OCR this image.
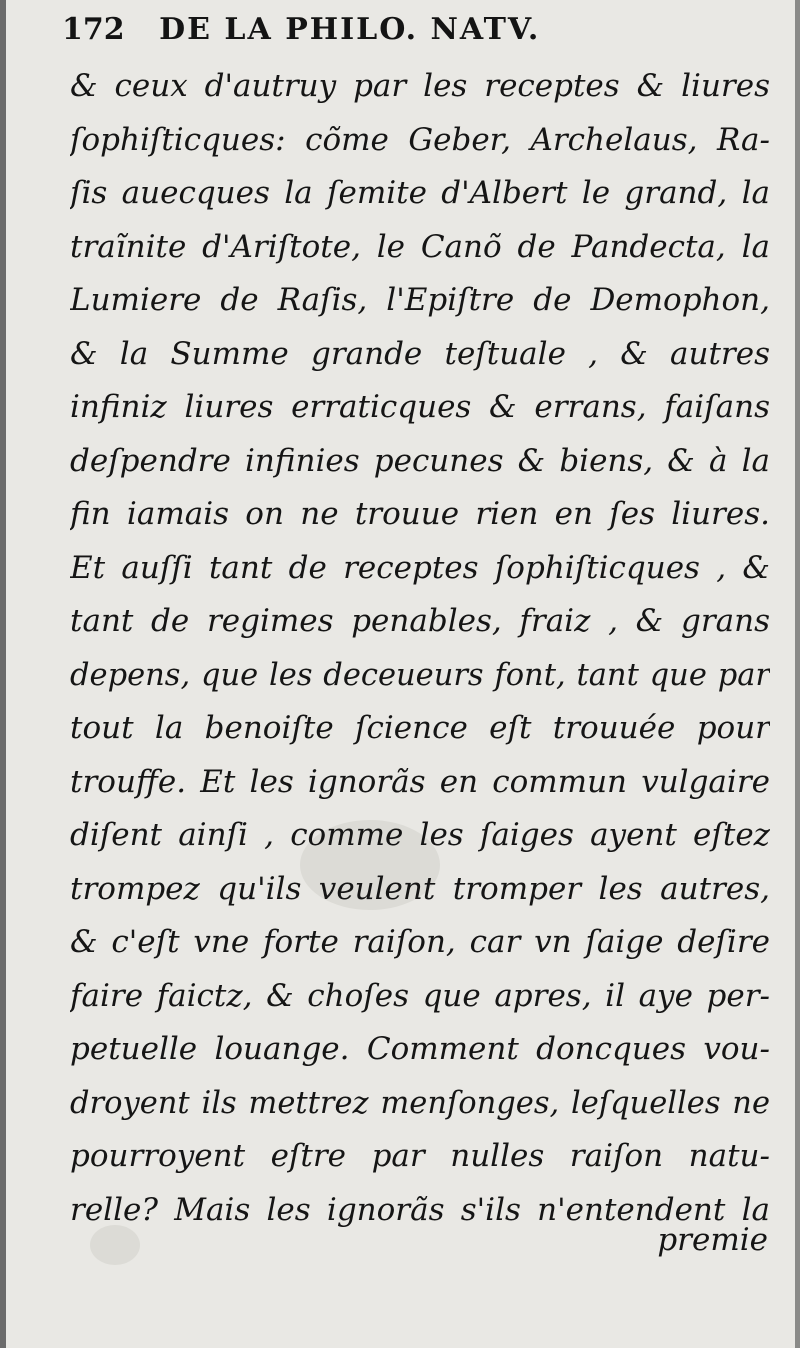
172 DE LA PHILO. NATV.
& ceux d'autruy par les receptes & liures
ſophiſticques: cõme Geber, Archelaus, Ra-
ſis auecques la ſemite d'Albert le grand, la
traĩnite d'Ariſtote, le Canõ de Pandecta, la
Lumiere de Raſis, l'Epiſtre de Demophon,
& la Summe grande teſtuale , & autres
infiniz liures erraticques & errans, faiſans
deſpendre infinies pecunes & biens, & à la
fin iamais on ne trouue rien en ſes liures.
Et auſſi tant de receptes ſophiſticques , &
tant de regimes penables, fraiz , & grans
depens, que les deceueurs font, tant que par
tout la benoiſte ſcience eſt trouuée pour
trouffe. Et les ignorãs en commun vulgaire
diſent ainſi , comme les ſaiges ayent eſtez
trompez qu'ils veulent tromper les autres,
& c'eſt vne forte raiſon, car vn ſaige deſire
faire faictz, & choſes que apres, il aye per-
petuelle louange. Comment doncques vou-
droyent ils mettrez menſonges, leſquelles ne
pourroyent eſtre par nulles raiſon natu-
relle? Mais les ignorãs s'ils n'entendent la
premie
